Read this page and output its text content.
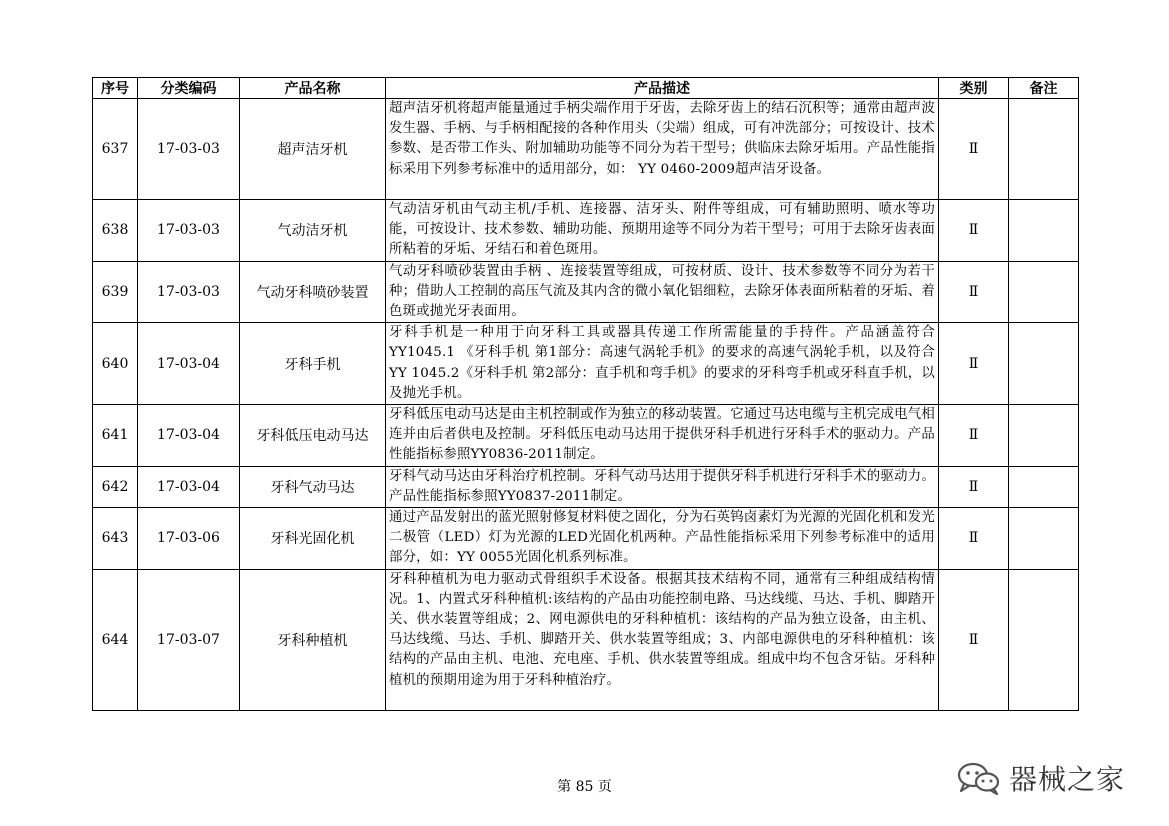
序号	分类编码	产品名称	产品描述	类别	备注
637	17-03-03	超声洁牙机	超声洁牙机将超声能量通过手柄尖端作用于牙齿，去除牙齿上的结石沉积等；通常由超声波发生器、手柄、与手柄相配接的各种作用头（尖端）组成，可有冲洗部分；可按设计、技术参数、是否带工作头、附加辅助功能等不同分为若干型号；供临床去除牙垢用。产品性能指标采用下列参考标准中的适用部分，如： YY 0460-2009超声洁牙设备。	Ⅱ	
638	17-03-03	气动洁牙机	气动洁牙机由气动主机/手机、连接器、洁牙头、附件等组成，可有辅助照明、喷水等功能，可按设计、技术参数、辅助功能、预期用途等不同分为若干型号；可用于去除牙齿表面所粘着的牙垢、牙结石和着色斑用。	Ⅱ	
639	17-03-03	气动牙科喷砂装置	气动牙科喷砂装置由手柄 、连接装置等组成，可按材质、设计、技术参数等不同分为若干种；借助人工控制的高压气流及其内含的微小氧化铝细粒，去除牙体表面所粘着的牙垢、着色斑或抛光牙表面用。	Ⅱ	
640	17-03-04	牙科手机	牙科手机是一种用于向牙科工具或器具传递工作所需能量的手持件。产品涵盖符合YY1045.1 《牙科手机 第1部分：高速气涡轮手机》的要求的高速气涡轮手机，以及符合YY 1045.2《牙科手机 第2部分：直手机和弯手机》的要求的牙科弯手机或牙科直手机，以及抛光手机。	Ⅱ	
641	17-03-04	牙科低压电动马达	牙科低压电动马达是由主机控制或作为独立的移动装置。它通过马达电缆与主机完成电气相连并由后者供电及控制。牙科低压电动马达用于提供牙科手机进行牙科手术的驱动力。产品性能指标参照YY0836-2011制定。	Ⅱ	
642	17-03-04	牙科气动马达	牙科气动马达由牙科治疗机控制。牙科气动马达用于提供牙科手机进行牙科手术的驱动力。产品性能指标参照YY0837-2011制定。	Ⅱ	
643	17-03-06	牙科光固化机	通过产品发射出的蓝光照射修复材料使之固化，分为石英钨卤素灯为光源的光固化机和发光二极管（LED）灯为光源的LED光固化机两种。产品性能指标采用下列参考标准中的适用部分，如：YY 0055光固化机系列标准。	Ⅱ	
644	17-03-07	牙科种植机	牙科种植机为电力驱动式骨组织手术设备。根据其技术结构不同，通常有三种组成结构情况。1、内置式牙科种植机:该结构的产品由功能控制电路、马达线缆、马达、手机、脚踏开关、供水装置等组成；2、网电源供电的牙科种植机：该结构的产品为独立设备，由主机、马达线缆、马达、手机、脚踏开关、供水装置等组成；3、内部电源供电的牙科种植机：该结构的产品由主机、电池、充电座、手机、供水装置等组成。组成中均不包含牙钻。牙科种植机的预期用途为用于牙科种植治疗。	Ⅱ	
第 85 页	器械之家
